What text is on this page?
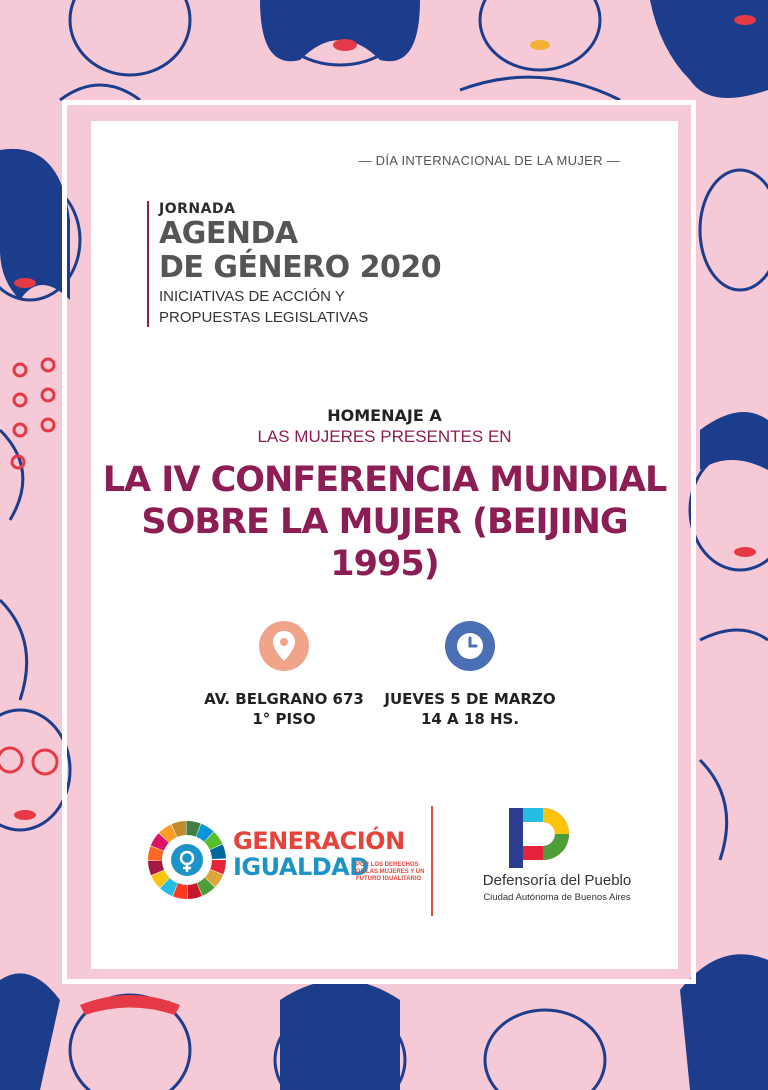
— DÍA INTERNACIONAL DE LA MUJER —
JORNADA
AGENDA
DE GÉNERO 2020
INICIATIVAS DE ACCIÓN Y
PROPUESTAS LEGISLATIVAS
HOMENAJE A
LAS MUJERES PRESENTES EN
LA IV CONFERENCIA MUNDIAL
SOBRE LA MUJER (BEIJING 1995)
AV. BELGRANO 673
1° PISO
JUEVES 5 DE MARZO
14 A 18 HS.
GENERACIÓN
IGUALDAD
POR LOS DERECHOS DE LAS MUJERES Y UN FUTURO IGUALITARIO	Defensoría del Pueblo
Ciudad Autónoma de Buenos Aires
